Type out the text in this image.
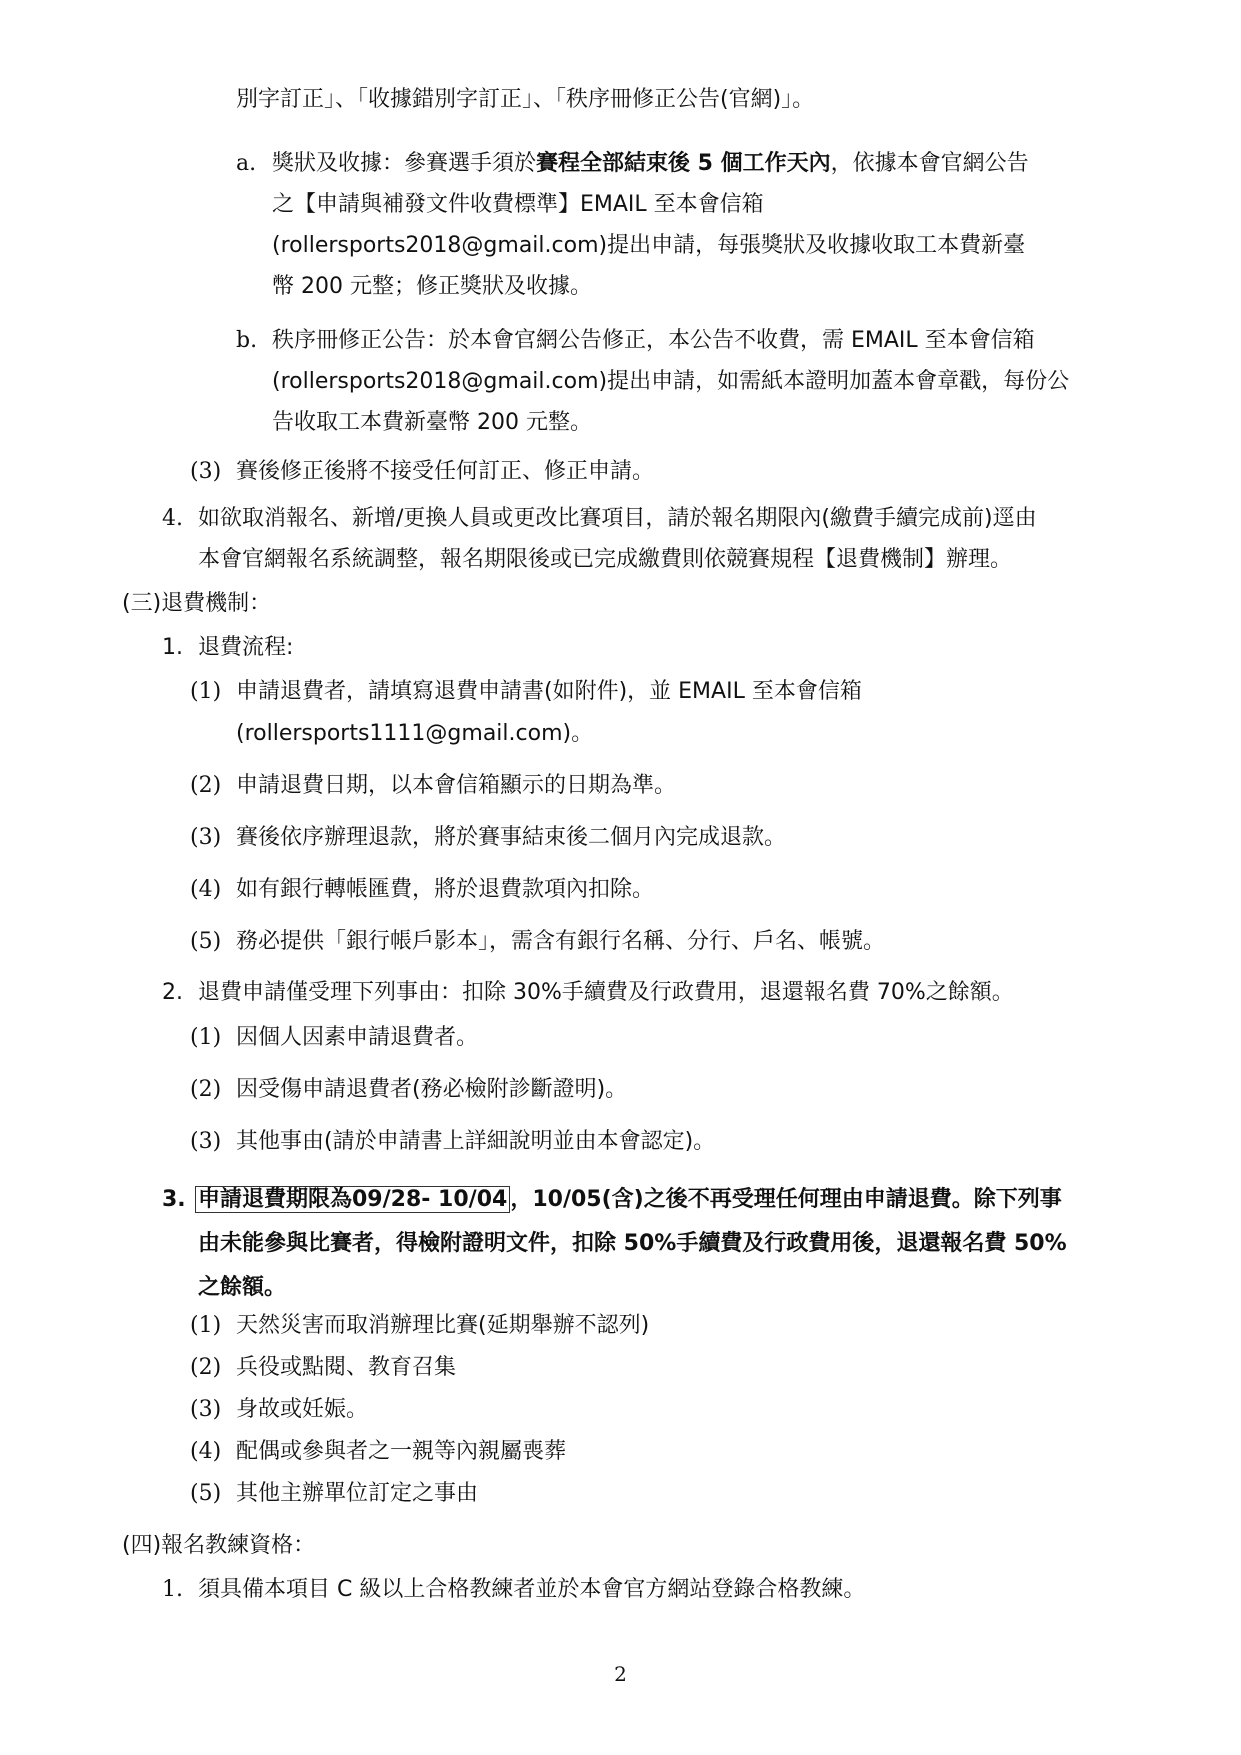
別字訂正」、「收據錯別字訂正」、「秩序冊修正公告(官網)」。
a. 獎狀及收據：參賽選手須於賽程全部結束後 5 個工作天內，依據本會官網公告
之【申請與補發文件收費標準】EMAIL 至本會信箱
(rollersports2018@gmail.com)提出申請，每張獎狀及收據收取工本費新臺
幣 200 元整；修正獎狀及收據。
b. 秩序冊修正公告：於本會官網公告修正，本公告不收費，需 EMAIL 至本會信箱
(rollersports2018@gmail.com)提出申請，如需紙本證明加蓋本會章戳，每份公
告收取工本費新臺幣 200 元整。
(3) 賽後修正後將不接受任何訂正、修正申請。
4. 如欲取消報名、新增/更換人員或更改比賽項目，請於報名期限內(繳費手續完成前)逕由
本會官網報名系統調整，報名期限後或已完成繳費則依競賽規程【退費機制】辦理。
(三)退費機制：
1. 退費流程:
(1) 申請退費者，請填寫退費申請書(如附件)，並 EMAIL 至本會信箱
(rollersports1111@gmail.com)。
(2) 申請退費日期，以本會信箱顯示的日期為準。
(3) 賽後依序辦理退款，將於賽事結束後二個月內完成退款。
(4) 如有銀行轉帳匯費，將於退費款項內扣除。
(5) 務必提供「銀行帳戶影本」，需含有銀行名稱、分行、戶名、帳號。
2. 退費申請僅受理下列事由：扣除 30%手續費及行政費用，退還報名費 70%之餘額。
(1) 因個人因素申請退費者。
(2) 因受傷申請退費者(務必檢附診斷證明)。
(3) 其他事由(請於申請書上詳細說明並由本會認定)。
3. 申請退費期限為09/28- 10/04 ，10/05(含)之後不再受理任何理由申請退費。除下列事
由未能參與比賽者，得檢附證明文件，扣除 50%手續費及行政費用後，退還報名費 50%
之餘額。
(1) 天然災害而取消辦理比賽(延期舉辦不認列)
(2) 兵役或點閱、教育召集
(3) 身故或妊娠。
(4) 配偶或參與者之一親等內親屬喪葬
(5) 其他主辦單位訂定之事由
(四)報名教練資格：
1. 須具備本項目 C 級以上合格教練者並於本會官方網站登錄合格教練。
2
